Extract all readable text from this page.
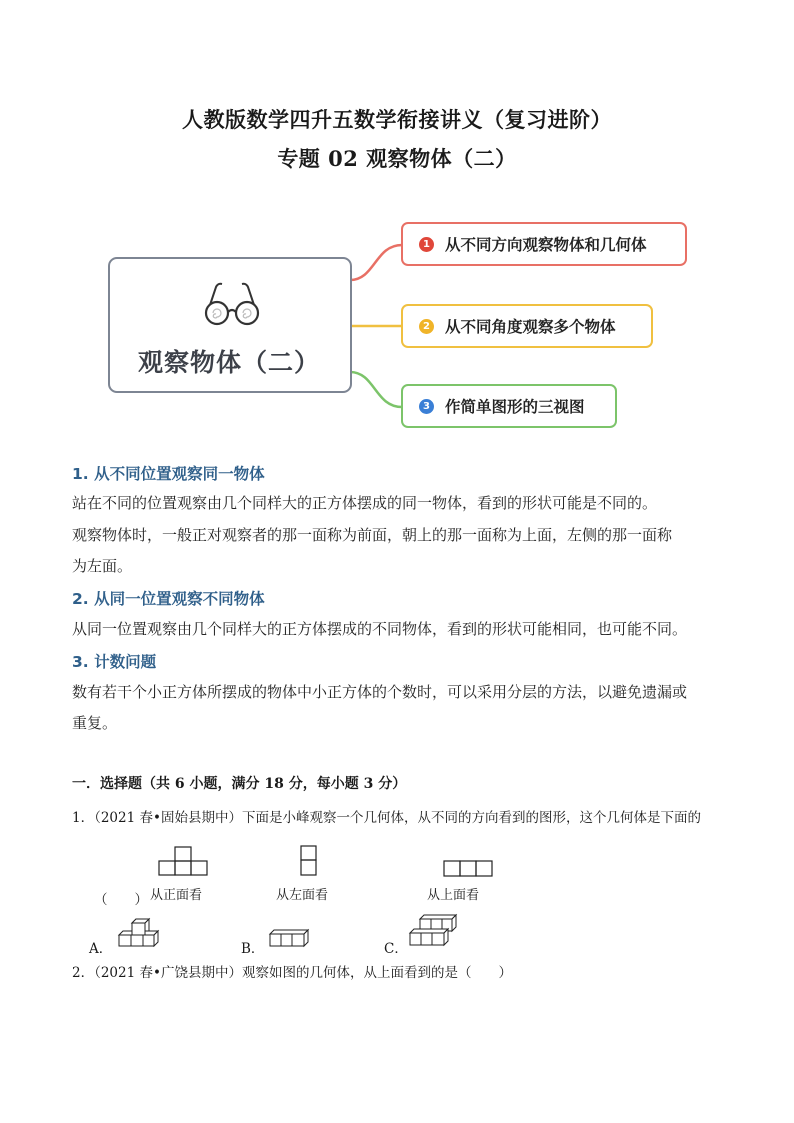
人教版数学四升五数学衔接讲义（复习进阶）
专题 02 观察物体（二）
观察物体（二）
1 从不同方向观察物体和几何体
2 从不同角度观察多个物体
3 作简单图形的三视图
1. 从不同位置观察同一物体
站在不同的位置观察由几个同样大的正方体摆成的同一物体，看到的形状可能是不同的。
观察物体时，一般正对观察者的那一面称为前面，朝上的那一面称为上面，左侧的那一面称
为左面。
2. 从同一位置观察不同物体
从同一位置观察由几个同样大的正方体摆成的不同物体，看到的形状可能相同，也可能不同。
3. 计数问题
数有若干个小正方体所摆成的物体中小正方体的个数时，可以采用分层的方法，以避免遗漏或
重复。
一．选择题（共 6 小题，满分 18 分，每小题 3 分）
1．（2021 春•固始县期中）下面是小峰观察一个几何体，从不同的方向看到的图形，这个几何体是下面的
从正面看	从左面看	从上面看
（　　）
A．	B．	C．
2．（2021 春•广饶县期中）观察如图的几何体，从上面看到的是（　　）
